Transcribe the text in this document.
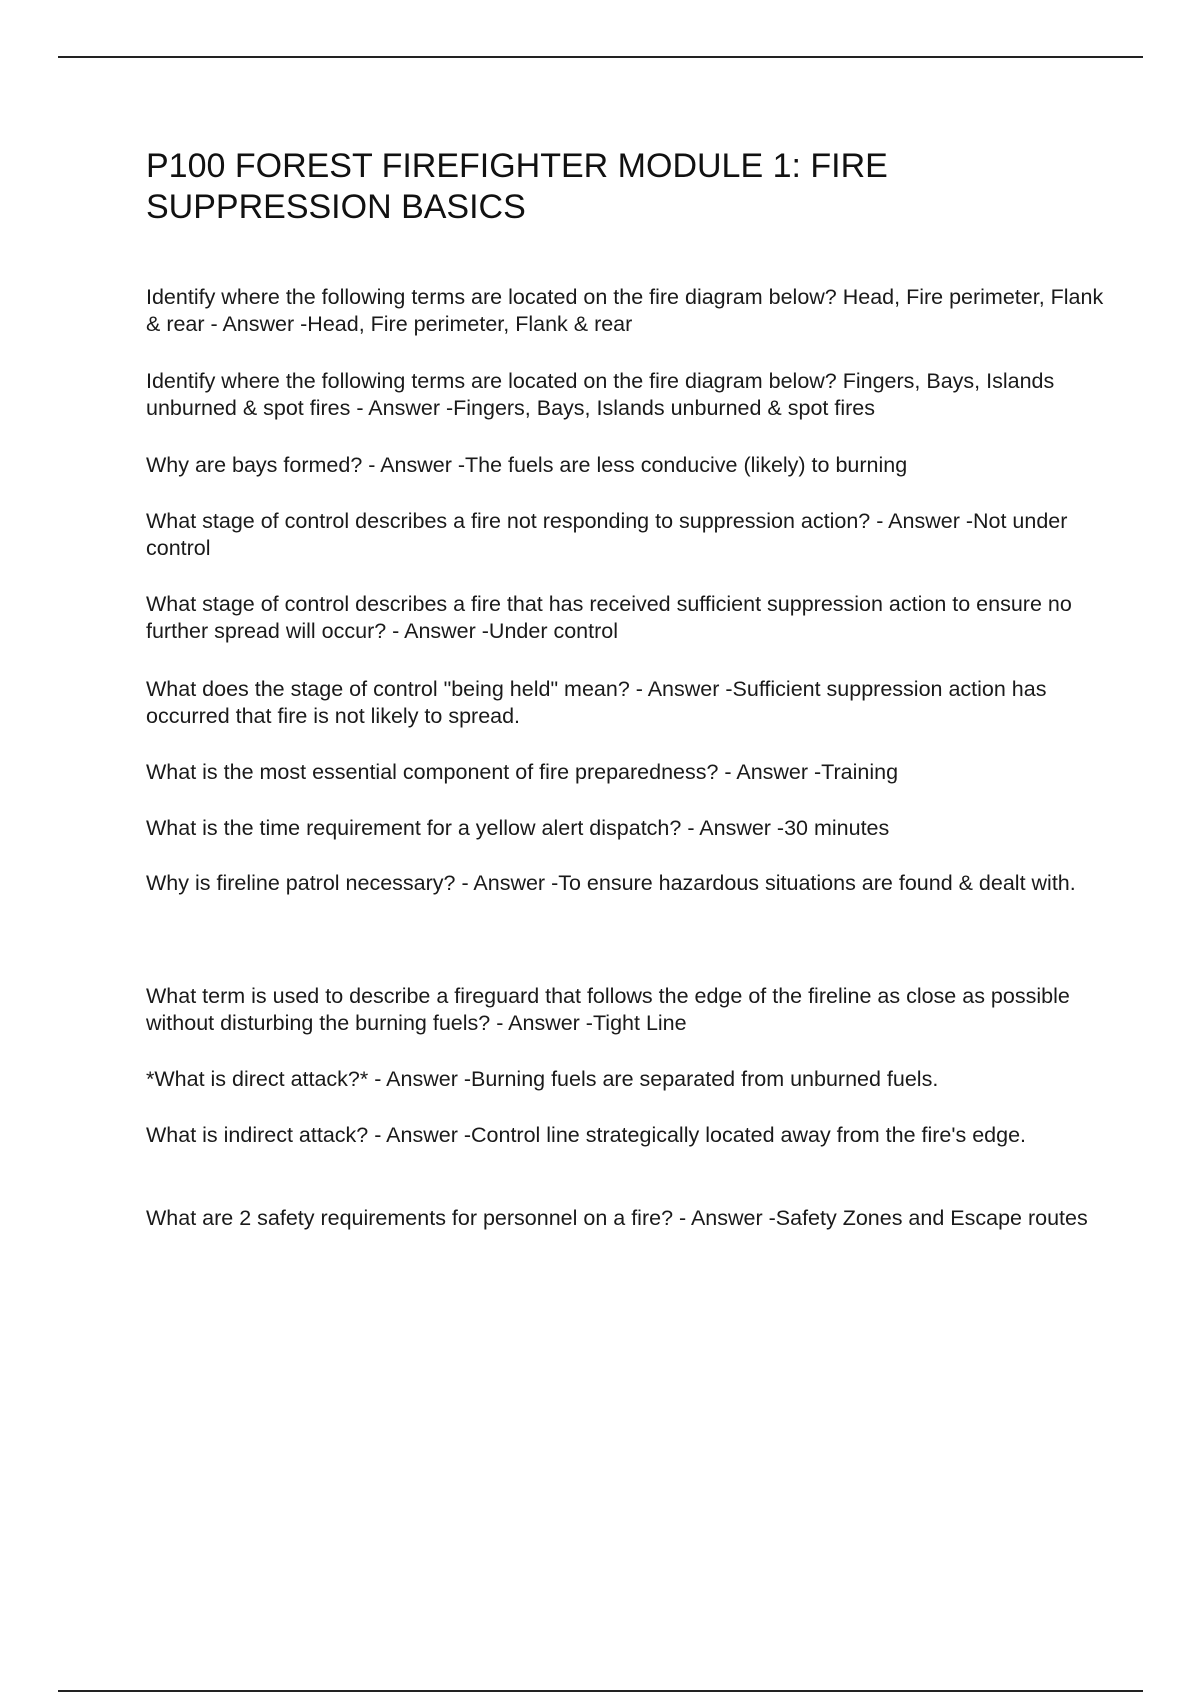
P100 FOREST FIREFIGHTER MODULE 1: FIRE SUPPRESSION BASICS

Identify where the following terms are located on the fire diagram below? Head, Fire perimeter, Flank & rear - Answer -Head, Fire perimeter, Flank & rear

Identify where the following terms are located on the fire diagram below? Fingers, Bays, Islands unburned & spot fires - Answer -Fingers, Bays, Islands unburned & spot fires

Why are bays formed? - Answer -The fuels are less conducive (likely) to burning

What stage of control describes a fire not responding to suppression action? - Answer -Not under control

What stage of control describes a fire that has received sufficient suppression action to ensure no further spread will occur? - Answer -Under control

What does the stage of control "being held" mean? - Answer -Sufficient suppression action has occurred that fire is not likely to spread.

What is the most essential component of fire preparedness? - Answer -Training

What is the time requirement for a yellow alert dispatch? - Answer -30 minutes

Why is fireline patrol necessary? - Answer -To ensure hazardous situations are found & dealt with.

What term is used to describe a fireguard that follows the edge of the fireline as close as possible without disturbing the burning fuels? - Answer -Tight Line

*What is direct attack?* - Answer -Burning fuels are separated from unburned fuels.

What is indirect attack? - Answer -Control line strategically located away from the fire's edge.

What are 2 safety requirements for personnel on a fire? - Answer -Safety Zones and Escape routes
